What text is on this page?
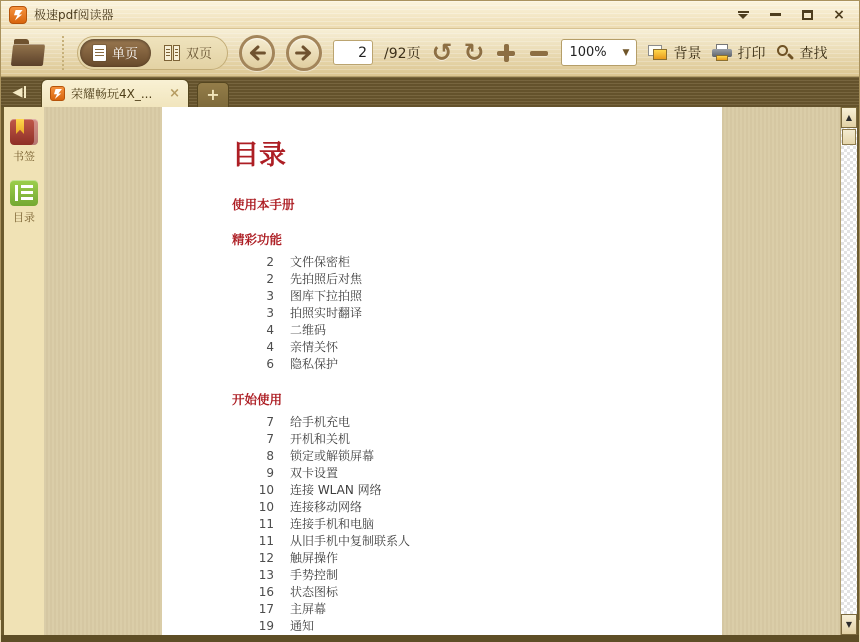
极速pdf阅读器	×
单页	双页
2	/92页 ↺ ↻	100% ▼	背景	打印 查找
◀	荣耀畅玩4X_...	× +
书签
目录
目录
使用本手册
精彩功能
2 文件保密柜
2 先拍照后对焦
3 图库下拉拍照
3 拍照实时翻译
4 二维码
4 亲情关怀
6 隐私保护
开始使用
7 给手机充电
7 开机和关机
8 锁定或解锁屏幕
9 双卡设置
10 连接 WLAN 网络
10 连接移动网络
11 连接手机和电脑
11 从旧手机中复制联系人
12 触屏操作
13 手势控制
16 状态图标
17 主屏幕
19 通知
▲
▼
